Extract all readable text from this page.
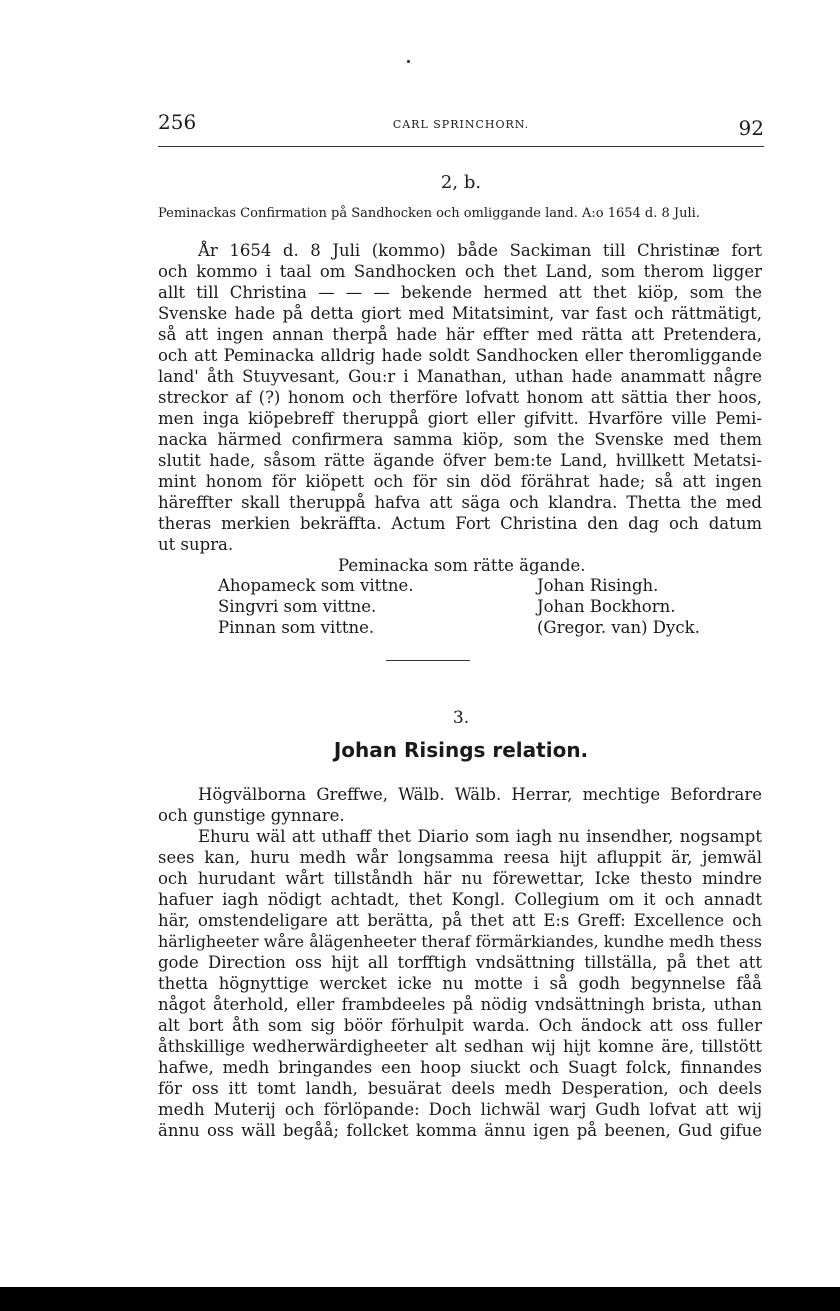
256	CARL SPRINCHORN.	92
2, b.
Peminackas Confirmation på Sandhocken och omliggande land. A:o 1654 d. 8 Juli.
År 1654 d. 8 Juli (kommo) både Sackiman till Christinæ fort
och kommo i taal om Sandhocken och thet Land, som therom ligger
allt till Christina — — — bekende hermed att thet kiöp, som the
Svenske hade på detta giort med Mitatsimint, var fast och rättmätigt,
så att ingen annan therpå hade här effter med rätta att Pretendera,
och att Peminacka alldrig hade soldt Sandhocken eller theromliggande
land' åth Stuyvesant, Gou:r i Manathan, uthan hade anammatt någre
streckor af (?) honom och therföre lofvatt honom att sättia ther hoos,
men inga kiöpebreff theruppå giort eller gifvitt. Hvarföre ville Pemi-
nacka härmed confirmera samma kiöp, som the Svenske med them
slutit hade, såsom rätte ägande öfver bem:te Land, hvillkett Metatsi-
mint honom för kiöpett och för sin död förährat hade; så att ingen
häreffter skall theruppå hafva att säga och klandra. Thetta the med
theras merkien bekräffta. Actum Fort Christina den dag och datum
ut supra.
Peminacka som rätte ägande.
Ahopameck som vittne.
Singvri som vittne.
Pinnan som vittne.
Johan Risingh.
Johan Bockhorn.
(Gregor. van) Dyck.
3.
Johan Risings relation.
Högvälborna Greffwe, Wälb. Wälb. Herrar, mechtige Befordrare
och gunstige gynnare.
Ehuru wäl att uthaff thet Diario som iagh nu insendher, nogsampt
sees kan, huru medh wår longsamma reesa hijt afluppit är, jemwäl
och hurudant wårt tillståndh här nu förewettar, Icke thesto mindre
hafuer iagh nödigt achtadt, thet Kongl. Collegium om it och annadt
här, omstendeligare att berätta, på thet att E:s Greff: Excellence och
härligheeter wåre ålägenheeter theraf förmärkiandes, kundhe medh thess
gode Direction oss hijt all torfftigh vndsättning tillställa, på thet att
thetta högnyttige wercket icke nu motte i så godh begynnelse fåå
något återhold, eller frambdeeles på nödig vndsättningh brista, uthan
alt bort åth som sig böör förhulpit warda. Och ändock att oss fuller
åthskillige wedherwärdigheeter alt sedhan wij hijt komne äre, tillstött
hafwe, medh bringandes een hoop siuckt och Suagt folck, finnandes
för oss itt tomt landh, besuärat deels medh Desperation, och deels
medh Muterij och förlöpande: Doch lichwäl warj Gudh lofvat att wij
ännu oss wäll begåå; follcket komma ännu igen på beenen, Gud gifue
